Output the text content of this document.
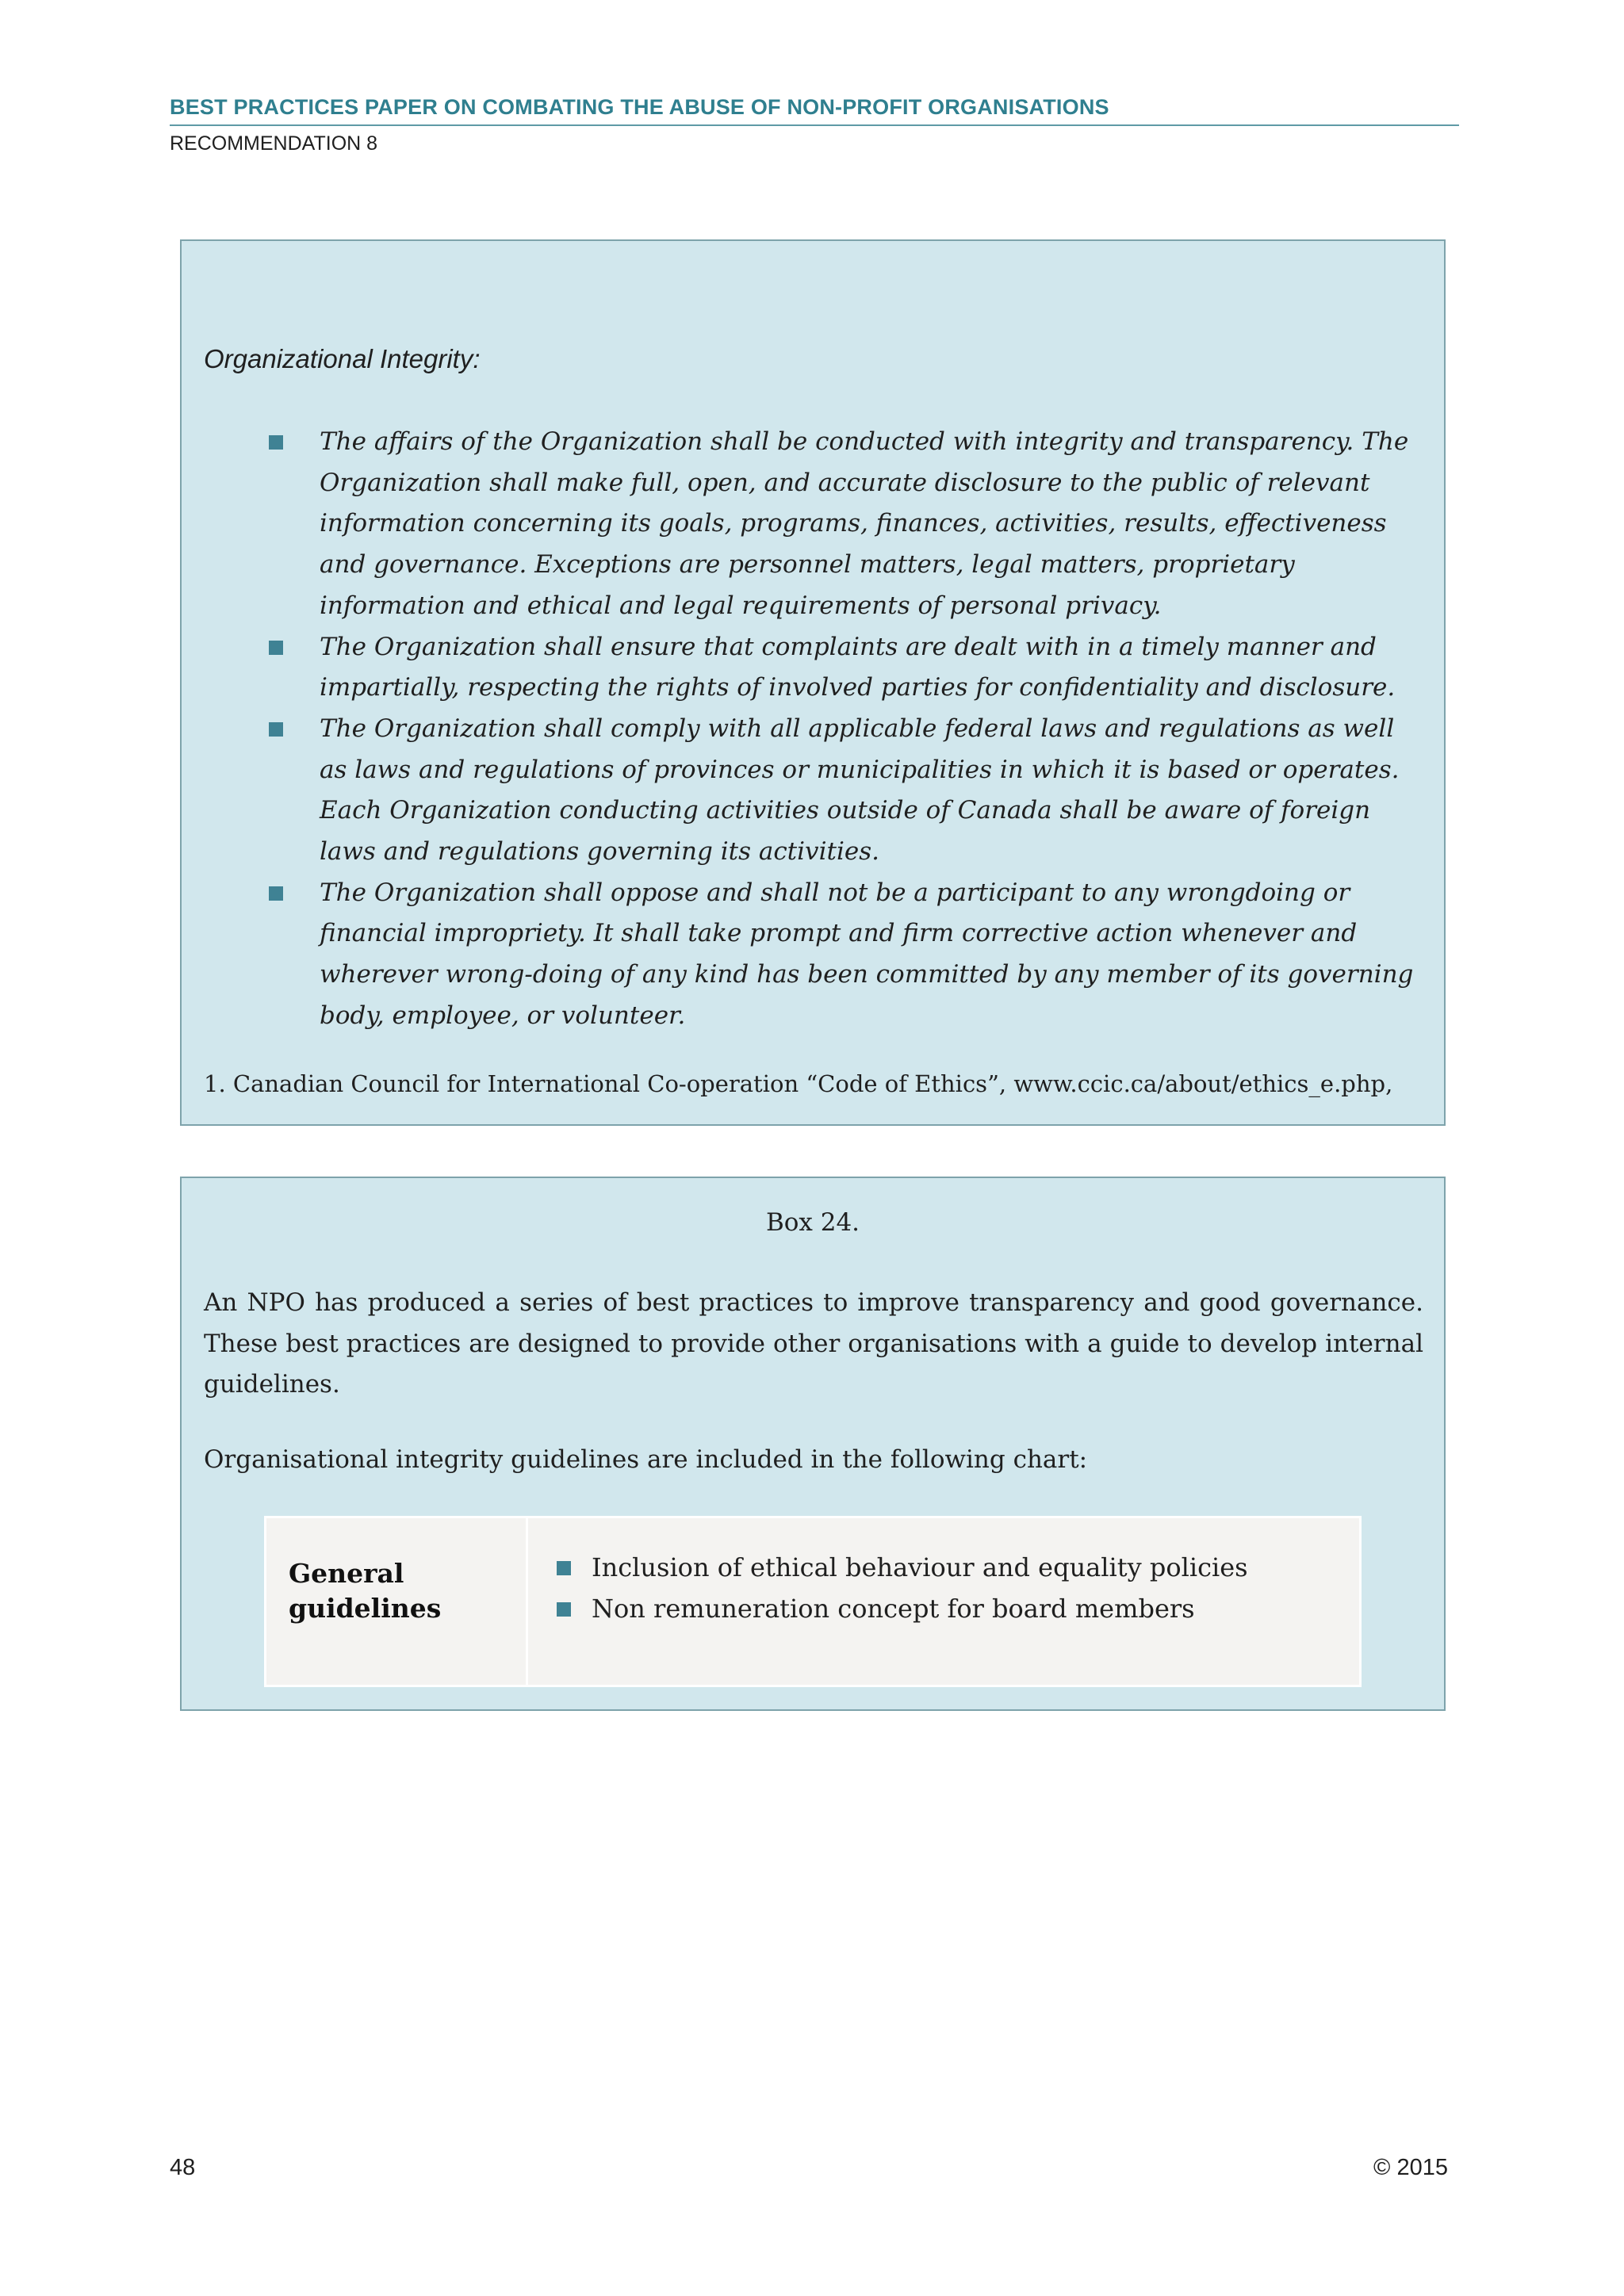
BEST PRACTICES PAPER ON COMBATING THE ABUSE OF NON-PROFIT ORGANISATIONS
RECOMMENDATION 8
Organizational Integrity:
The affairs of the Organization shall be conducted with integrity and transparency. The Organization shall make full, open, and accurate disclosure to the public of relevant information concerning its goals, programs, finances, activities, results, effectiveness and governance. Exceptions are personnel matters, legal matters, proprietary information and ethical and legal requirements of personal privacy.
The Organization shall ensure that complaints are dealt with in a timely manner and impartially, respecting the rights of involved parties for confidentiality and disclosure.
The Organization shall comply with all applicable federal laws and regulations as well as laws and regulations of provinces or municipalities in which it is based or operates. Each Organization conducting activities outside of Canada shall be aware of foreign laws and regulations governing its activities.
The Organization shall oppose and shall not be a participant to any wrongdoing or financial impropriety. It shall take prompt and firm corrective action whenever and wherever wrong-doing of any kind has been committed by any member of its governing body, employee, or volunteer.
1. Canadian Council for International Co-operation “Code of Ethics”, www.ccic.ca/about/ethics_e.php,
Box 24.

An NPO has produced a series of best practices to improve transparency and good governance. These best practices are designed to provide other organisations with a guide to develop internal guidelines.

Organisational integrity guidelines are included in the following chart:

General guidelines
Inclusion of ethical behaviour and equality policies
Non remuneration concept for board members
48	© 2015
